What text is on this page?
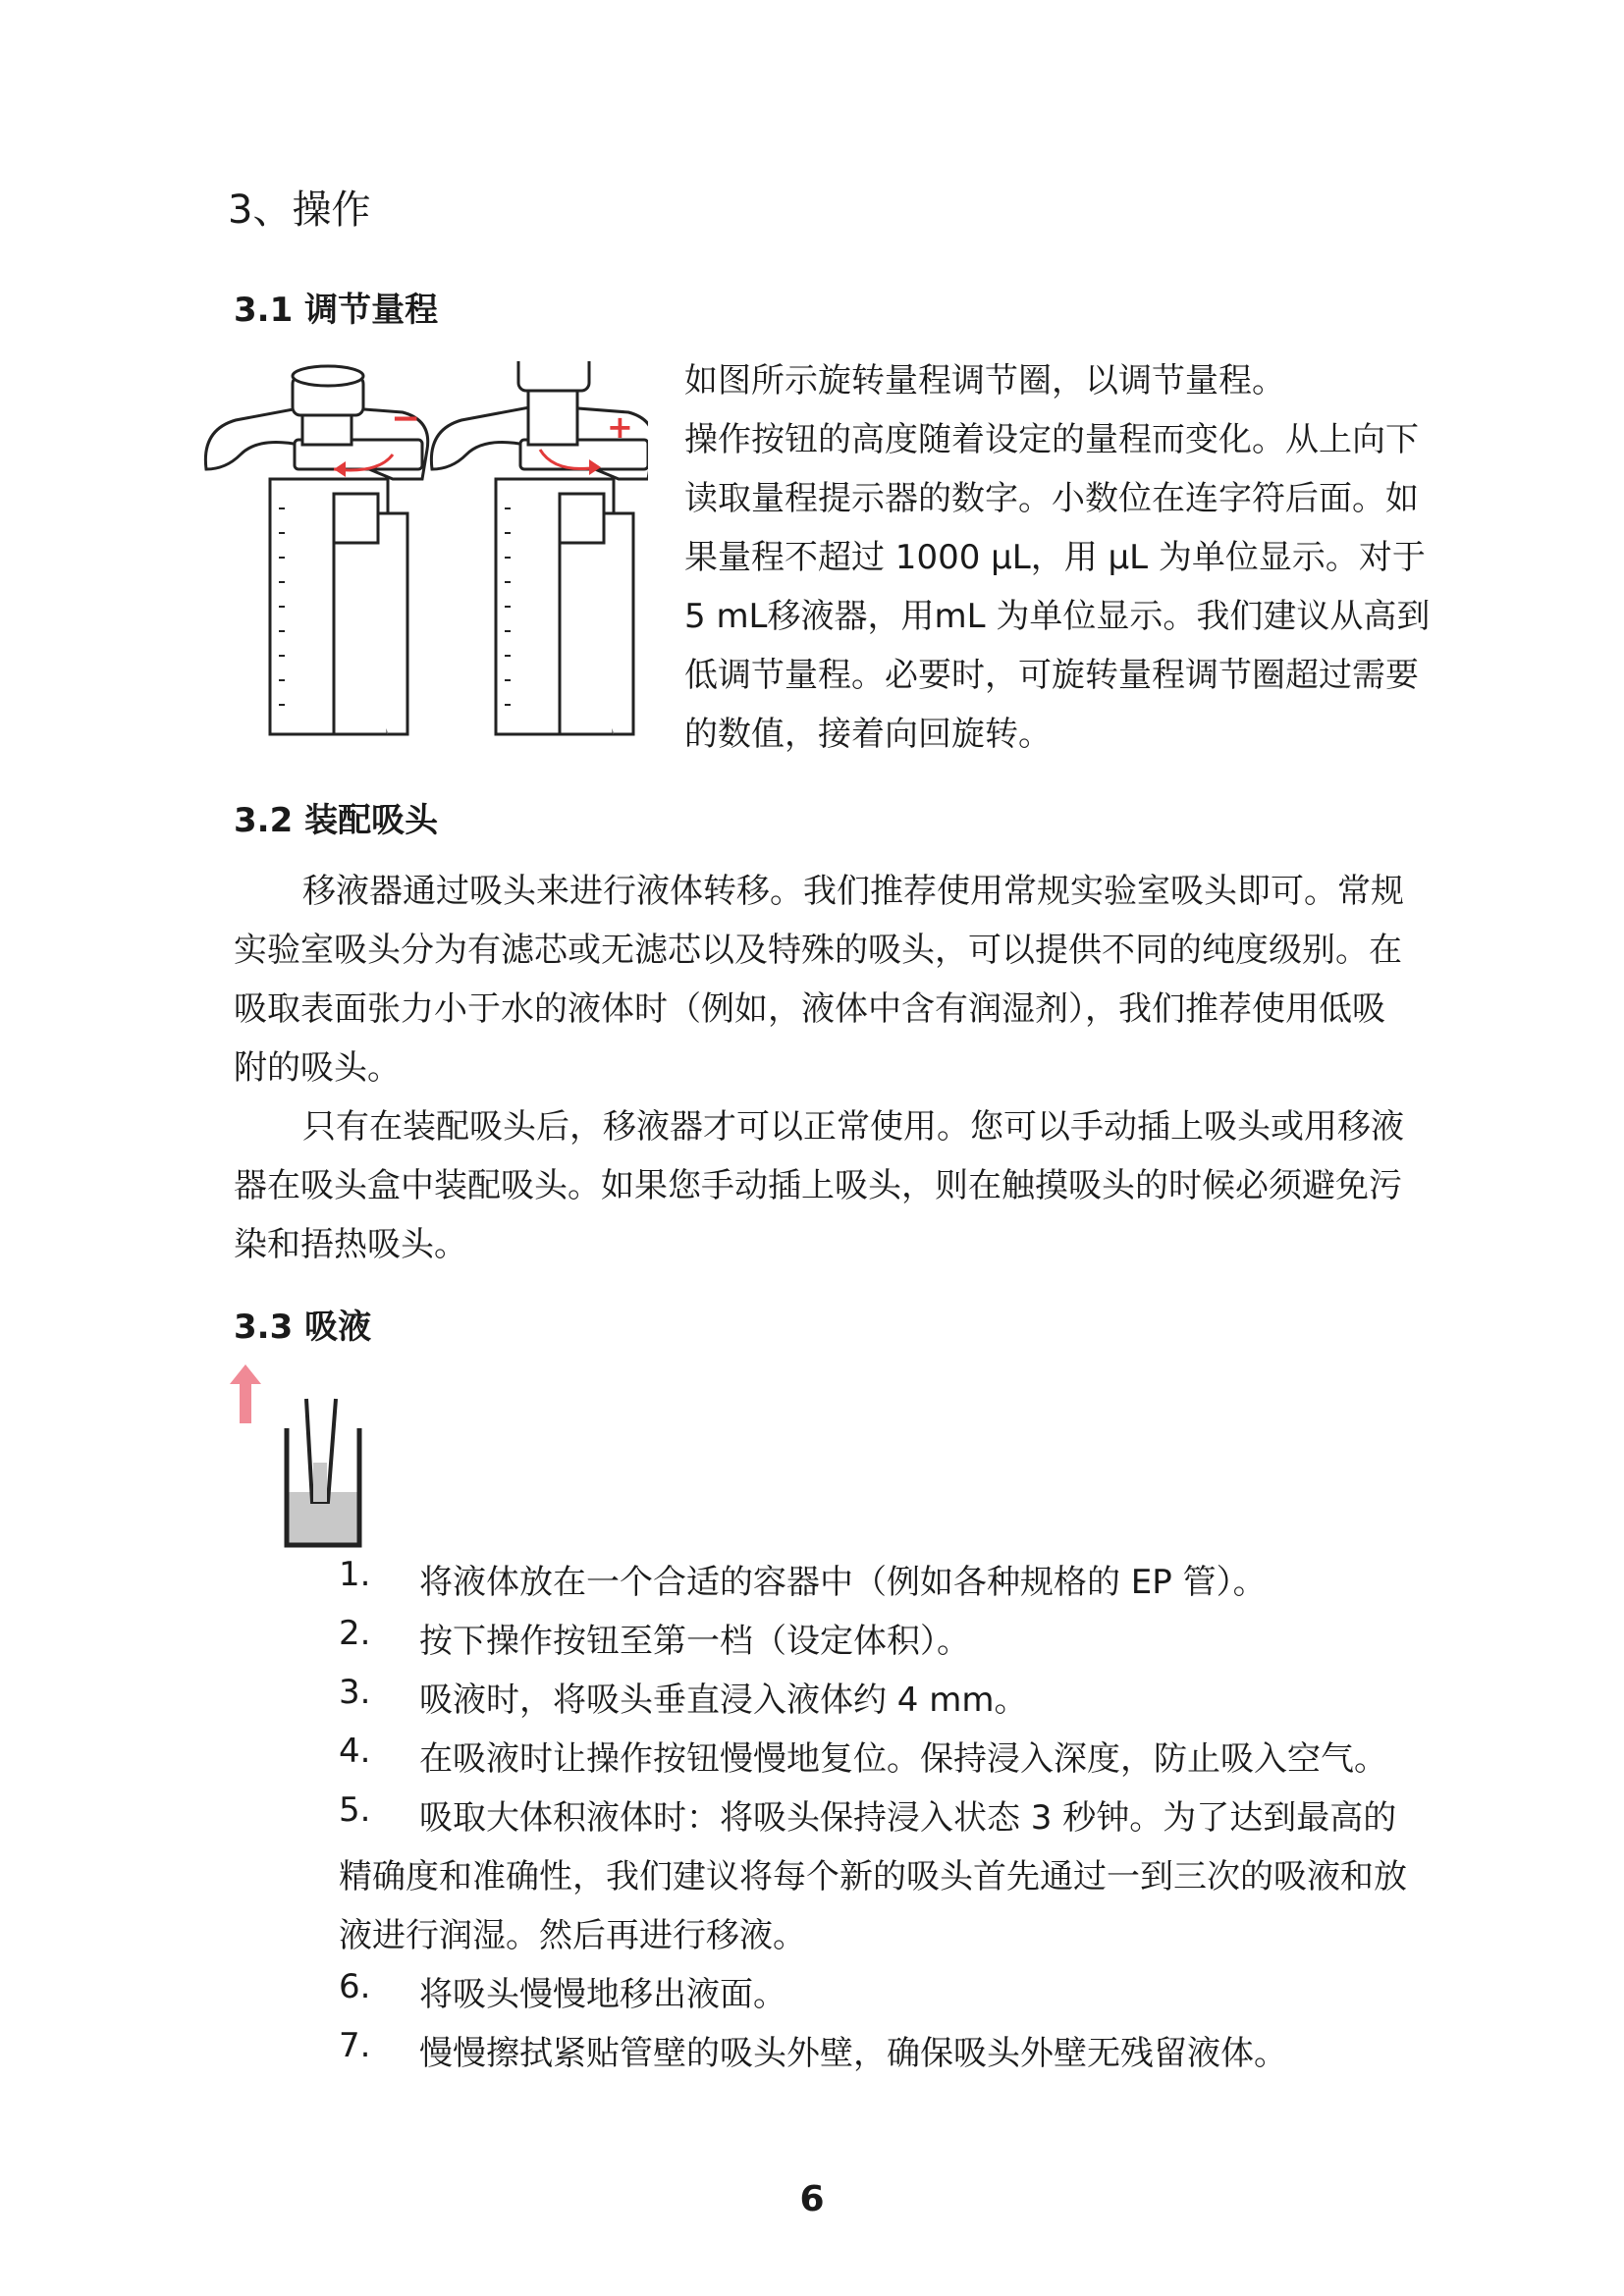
3、操作
3.1 调节量程
−	+
如图所示旋转量程调节圈，以调节量程。
操作按钮的高度随着设定的量程而变化。从上向下
读取量程提示器的数字。小数位在连字符后面。如
果量程不超过 1000 μL，用 μL 为单位显示。对于
5 mL移液器，用mL 为单位显示。我们建议从高到
低调节量程。必要时，可旋转量程调节圈超过需要
的数值，接着向回旋转。
3.2 装配吸头
移液器通过吸头来进行液体转移。我们推荐使用常规实验室吸头即可。常规
实验室吸头分为有滤芯或无滤芯以及特殊的吸头，可以提供不同的纯度级别。在
吸取表面张力小于水的液体时（例如，液体中含有润湿剂），我们推荐使用低吸
附的吸头。
只有在装配吸头后，移液器才可以正常使用。您可以手动插上吸头或用移液
器在吸头盒中装配吸头。如果您手动插上吸头，则在触摸吸头的时候必须避免污
染和捂热吸头。
3.3 吸液
1.	将液体放在一个合适的容器中（例如各种规格的 EP 管）。
2.	按下操作按钮至第一档（设定体积）。
3.	吸液时，将吸头垂直浸入液体约 4 mm。
4.	在吸液时让操作按钮慢慢地复位。保持浸入深度，防止吸入空气。
5.	吸取大体积液体时：将吸头保持浸入状态 3 秒钟。为了达到最高的
精确度和准确性，我们建议将每个新的吸头首先通过一到三次的吸液和放
液进行润湿。然后再进行移液。
6.	将吸头慢慢地移出液面。
7.	慢慢擦拭紧贴管壁的吸头外壁，确保吸头外壁无残留液体。
6
